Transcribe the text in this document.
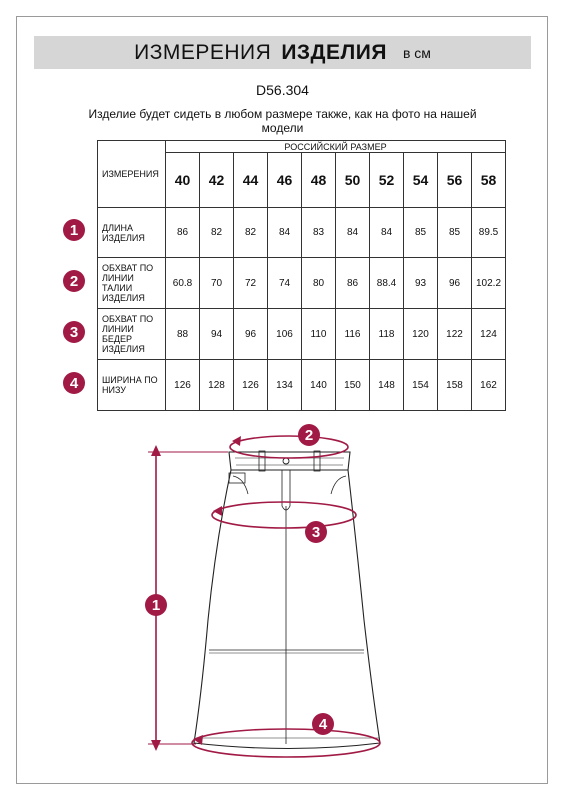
ИЗМЕРЕНИЯ ИЗДЕЛИЯ в см
D56.304
Изделие будет сидеть в любом размере также, как на фото на нашей модели
ИЗМЕРЕНИЯ	РОССИЙСКИЙ РАЗМЕР									
	40	42	44	46	48	50	52	54	56	58
ДЛИНА ИЗДЕЛИЯ	86	82	82	84	83	84	84	85	85	89.5
ОБХВАТ ПО ЛИНИИ ТАЛИИ ИЗДЕЛИЯ	60.8	70	72	74	80	86	88.4	93	96	102.2
ОБХВАТ ПО ЛИНИИ БЕДЕР ИЗДЕЛИЯ	88	94	96	106	110	116	118	120	122	124
ШИРИНА ПО НИЗУ	126	128	126	134	140	150	148	154	158	162
1
2
3
4
2
3
1
4
